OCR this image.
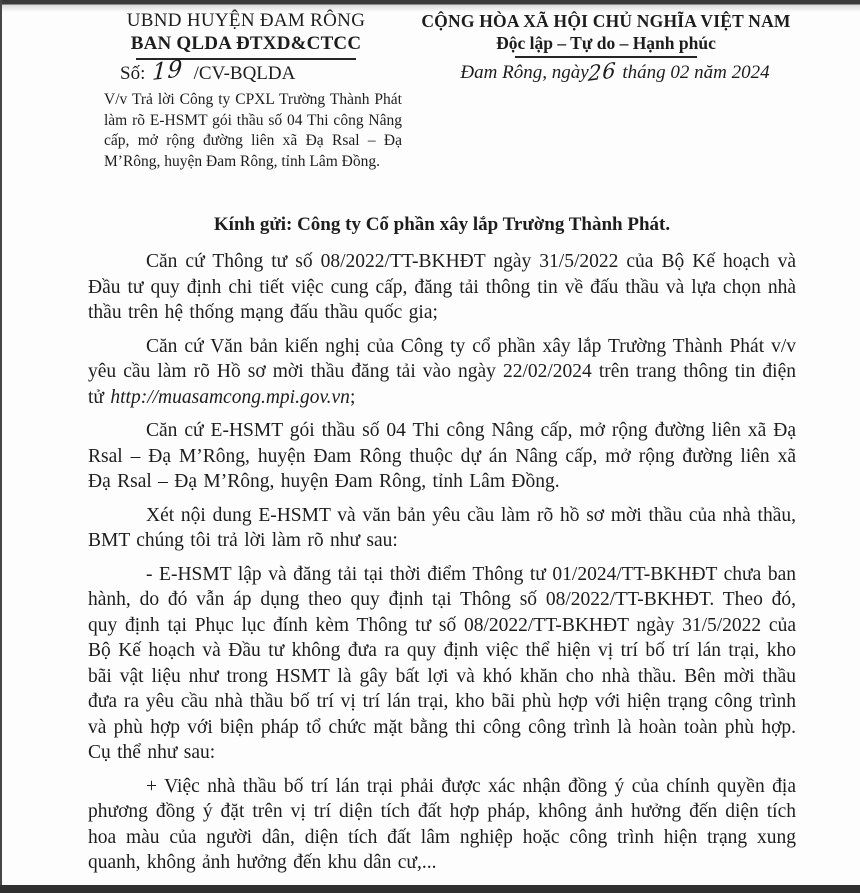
UBND HUYỆN ĐAM RÔNG
BAN QLDA ĐTXD&CTCC
CỘNG HÒA XÃ HỘI CHỦ NGHĨA VIỆT NAM
Độc lập – Tự do – Hạnh phúc
Số: 19 /CV-BQLDA	Đam Rông, ngày26 tháng 02 năm 2024
V/v Trả lời Công ty CPXL Trường Thành Phát làm rõ E-HSMT gói thầu số 04 Thi công Nâng cấp, mở rộng đường liên xã Đạ Rsal – Đạ M’Rông, huyện Đam Rông, tỉnh Lâm Đồng.
Kính gửi: Công ty Cổ phần xây lắp Trường Thành Phát.

Căn cứ Thông tư số 08/2022/TT-BKHĐT ngày 31/5/2022 của Bộ Kế hoạch và Đầu tư quy định chi tiết việc cung cấp, đăng tải thông tin về đấu thầu và lựa chọn nhà thầu trên hệ thống mạng đấu thầu quốc gia;

Căn cứ Văn bản kiến nghị của Công ty cổ phần xây lắp Trường Thành Phát v/v yêu cầu làm rõ Hồ sơ mời thầu đăng tải vào ngày 22/02/2024 trên trang thông tin điện tử http://muasamcong.mpi.gov.vn;

Căn cứ E-HSMT gói thầu số 04 Thi công Nâng cấp, mở rộng đường liên xã Đạ Rsal – Đạ M’Rông, huyện Đam Rông thuộc dự án Nâng cấp, mở rộng đường liên xã Đạ Rsal – Đạ M’Rông, huyện Đam Rông, tỉnh Lâm Đồng.

Xét nội dung E-HSMT và văn bản yêu cầu làm rõ hồ sơ mời thầu của nhà thầu, BMT chúng tôi trả lời làm rõ như sau:

- E-HSMT lập và đăng tải tại thời điểm Thông tư 01/2024/TT-BKHĐT chưa ban hành, do đó vẫn áp dụng theo quy định tại Thông số 08/2022/TT-BKHĐT. Theo đó, quy định tại Phục lục đính kèm Thông tư số 08/2022/TT-BKHĐT ngày 31/5/2022 của Bộ Kế hoạch và Đầu tư không đưa ra quy định việc thể hiện vị trí bố trí lán trại, kho bãi vật liệu như trong HSMT là gây bất lợi và khó khăn cho nhà thầu. Bên mời thầu đưa ra yêu cầu nhà thầu bố trí vị trí lán trại, kho bãi phù hợp với hiện trạng công trình và phù hợp với biện pháp tổ chức mặt bằng thi công công trình là hoàn toàn phù hợp. Cụ thể như sau:

+ Việc nhà thầu bố trí lán trại phải được xác nhận đồng ý của chính quyền địa phương đồng ý đặt trên vị trí diện tích đất hợp pháp, không ảnh hưởng đến diện tích hoa màu của người dân, diện tích đất lâm nghiệp hoặc công trình hiện trạng xung quanh, không ảnh hưởng đến khu dân cư,...
